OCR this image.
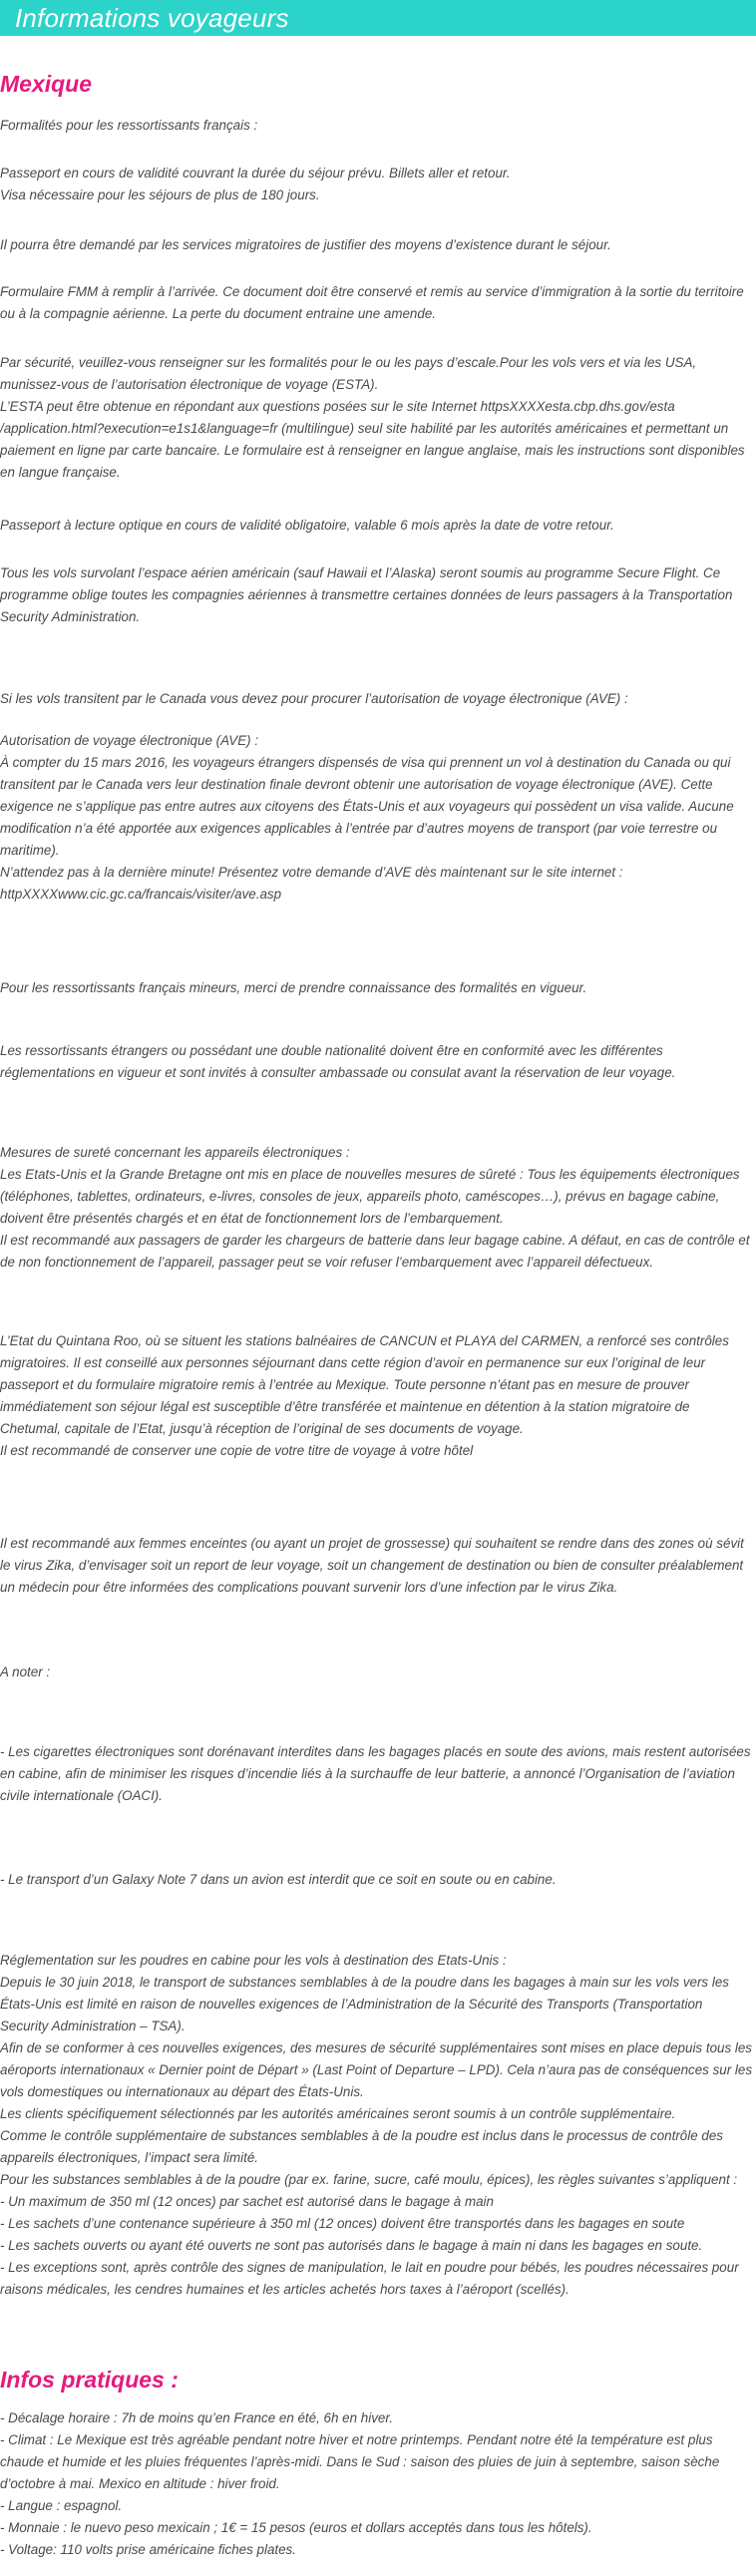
Informations voyageurs
Mexique
Formalités pour les ressortissants français :
Passeport en cours de validité couvrant la durée du séjour prévu. Billets aller et retour.
Visa nécessaire pour les séjours de plus de 180 jours.
Il pourra être demandé par les services migratoires de justifier des moyens d’existence durant le séjour.
Formulaire FMM à remplir à l’arrivée. Ce document doit être conservé et remis au service d’immigration à la sortie du territoire ou à la compagnie aérienne. La perte du document entraine une amende.
Par sécurité, veuillez-vous renseigner sur les formalités pour le ou les pays d’escale.Pour les vols vers et via les USA, munissez-vous de l’autorisation électronique de voyage (ESTA).
L’ESTA peut être obtenue en répondant aux questions posées sur le site Internet httpsXXXXesta.cbp.dhs.gov/esta /application.html?execution=e1s1&language=fr (multilingue) seul site habilité par les autorités américaines et permettant un paiement en ligne par carte bancaire. Le formulaire est à renseigner en langue anglaise, mais les instructions sont disponibles en langue française.
Passeport à lecture optique en cours de validité obligatoire, valable 6 mois après la date de votre retour.
Tous les vols survolant l’espace aérien américain (sauf Hawaii et l’Alaska) seront soumis au programme Secure Flight. Ce programme oblige toutes les compagnies aériennes à transmettre certaines données de leurs passagers à la Transportation Security Administration.
Si les vols transitent par le Canada vous devez pour procurer l’autorisation de voyage électronique (AVE) :
Autorisation de voyage électronique (AVE) :
À compter du 15 mars 2016, les voyageurs étrangers dispensés de visa qui prennent un vol à destination du Canada ou qui transitent par le Canada vers leur destination finale devront obtenir une autorisation de voyage électronique (AVE). Cette exigence ne s’applique pas entre autres aux citoyens des États-Unis et aux voyageurs qui possèdent un visa valide. Aucune modification n’a été apportée aux exigences applicables à l’entrée par d’autres moyens de transport (par voie terrestre ou maritime).
N’attendez pas à la dernière minute! Présentez votre demande d’AVE dès maintenant sur le site internet : httpXXXXwww.cic.gc.ca/francais/visiter/ave.asp
Pour les ressortissants français mineurs, merci de prendre connaissance des formalités en vigueur.
Les ressortissants étrangers ou possédant une double nationalité doivent être en conformité avec les différentes réglementations en vigueur et sont invités à consulter ambassade ou consulat avant la réservation de leur voyage.
Mesures de sureté concernant les appareils électroniques :
Les Etats-Unis et la Grande Bretagne ont mis en place de nouvelles mesures de sûreté : Tous les équipements électroniques (téléphones, tablettes, ordinateurs, e-livres, consoles de jeux, appareils photo, caméscopes…), prévus en bagage cabine, doivent être présentés chargés et en état de fonctionnement lors de l’embarquement.
Il est recommandé aux passagers de garder les chargeurs de batterie dans leur bagage cabine. A défaut, en cas de contrôle et de non fonctionnement de l’appareil, passager peut se voir refuser l’embarquement avec l’appareil défectueux.
L’Etat du Quintana Roo, où se situent les stations balnéaires de CANCUN et PLAYA del CARMEN, a renforcé ses contrôles migratoires. Il est conseillé aux personnes séjournant dans cette région d’avoir en permanence sur eux l’original de leur passeport et du formulaire migratoire remis à l’entrée au Mexique. Toute personne n’étant pas en mesure de prouver immédiatement son séjour légal est susceptible d’être transférée et maintenue en détention à la station migratoire de Chetumal, capitale de l’Etat, jusqu’à réception de l’original de ses documents de voyage.
Il est recommandé de conserver une copie de votre titre de voyage à votre hôtel
Il est recommandé aux femmes enceintes (ou ayant un projet de grossesse) qui souhaitent se rendre dans des zones où sévit le virus Zika, d’envisager soit un report de leur voyage, soit un changement de destination ou bien de consulter préalablement un médecin pour être informées des complications pouvant survenir lors d’une infection par le virus Zika.
A noter :
- Les cigarettes électroniques sont dorénavant interdites dans les bagages placés en soute des avions, mais restent autorisées en cabine, afin de minimiser les risques d’incendie liés à la surchauffe de leur batterie, a annoncé l’Organisation de l’aviation civile internationale (OACI).
- Le transport d’un Galaxy Note 7 dans un avion est interdit que ce soit en soute ou en cabine.
Réglementation sur les poudres en cabine pour les vols à destination des Etats-Unis :
Depuis le 30 juin 2018, le transport de substances semblables à de la poudre dans les bagages à main sur les vols vers les États-Unis est limité en raison de nouvelles exigences de l’Administration de la Sécurité des Transports (Transportation Security Administration – TSA).
Afin de se conformer à ces nouvelles exigences, des mesures de sécurité supplémentaires sont mises en place depuis tous les aéroports internationaux « Dernier point de Départ » (Last Point of Departure – LPD). Cela n’aura pas de conséquences sur les vols domestiques ou internationaux au départ des États-Unis.
Les clients spécifiquement sélectionnés par les autorités américaines seront soumis à un contrôle supplémentaire.
Comme le contrôle supplémentaire de substances semblables à de la poudre est inclus dans le processus de contrôle des appareils électroniques, l’impact sera limité.
Pour les substances semblables à de la poudre (par ex. farine, sucre, café moulu, épices), les règles suivantes s’appliquent :
- Un maximum de 350 ml (12 onces) par sachet est autorisé dans le bagage à main
- Les sachets d’une contenance supérieure à 350 ml (12 onces) doivent être transportés dans les bagages en soute
- Les sachets ouverts ou ayant été ouverts ne sont pas autorisés dans le bagage à main ni dans les bagages en soute.
- Les exceptions sont, après contrôle des signes de manipulation, le lait en poudre pour bébés, les poudres nécessaires pour raisons médicales, les cendres humaines et les articles achetés hors taxes à l’aéroport (scellés).
Infos pratiques :
- Décalage horaire : 7h de moins qu’en France en été, 6h en hiver.
- Climat : Le Mexique est très agréable pendant notre hiver et notre printemps. Pendant notre été la température est plus chaude et humide et les pluies fréquentes l’après-midi. Dans le Sud : saison des pluies de juin à septembre, saison sèche d’octobre à mai. Mexico en altitude : hiver froid.
- Langue : espagnol.
- Monnaie : le nuevo peso mexicain ; 1€ = 15 pesos (euros et dollars acceptés dans tous les hôtels).
- Voltage: 110 volts prise américaine fiches plates.
